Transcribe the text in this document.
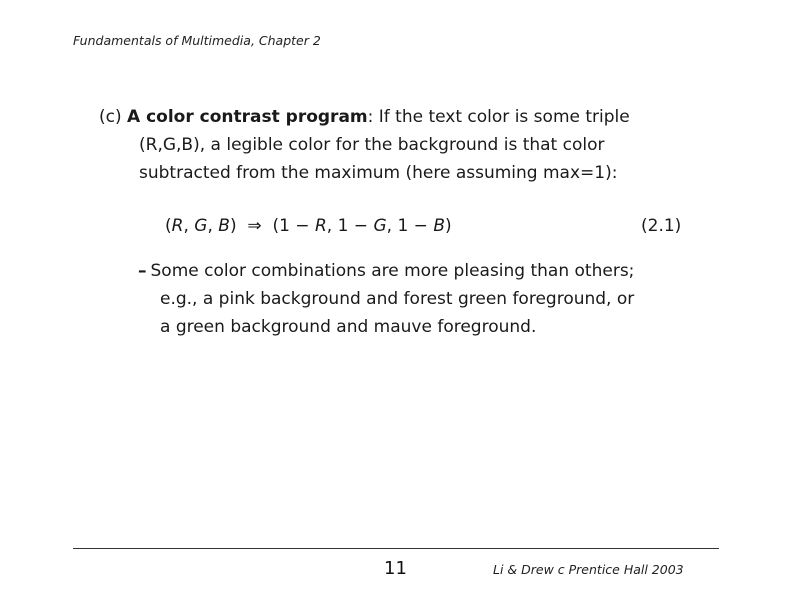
Fundamentals of Multimedia, Chapter 2
(c) A color contrast program: If the text color is some triple
(R,G,B), a legible color for the background is that color
subtracted from the maximum (here assuming max=1):
(R, G, B) ⇒ (1 − R, 1 − G, 1 − B)	(2.1)
– Some color combinations are more pleasing than others;
e.g., a pink background and forest green foreground, or
a green background and mauve foreground.
11	Li & Drew c Prentice Hall 2003
